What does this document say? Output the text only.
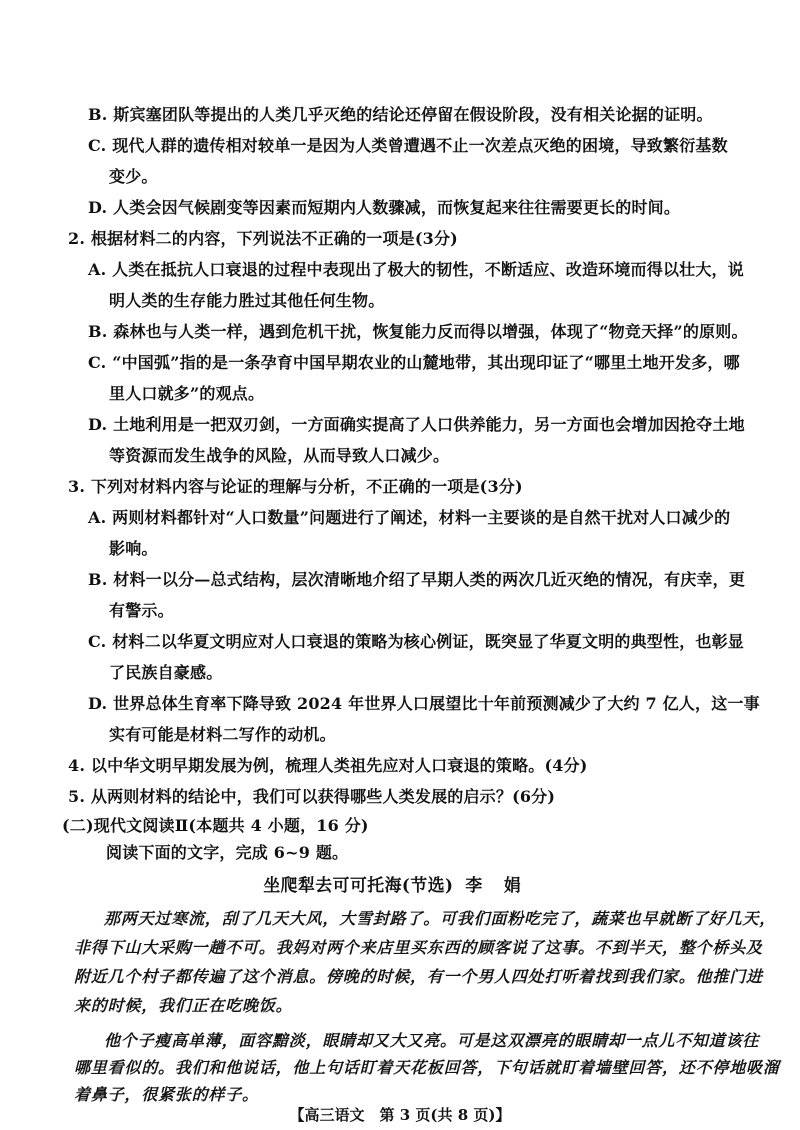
B. 斯宾塞团队等提出的人类几乎灭绝的结论还停留在假设阶段，没有相关论据的证明。
C. 现代人群的遗传相对较单一是因为人类曾遭遇不止一次差点灭绝的困境，导致繁衍基数
变少。
D. 人类会因气候剧变等因素而短期内人数骤减，而恢复起来往往需要更长的时间。
2. 根据材料二的内容，下列说法不正确的一项是(3分)
A. 人类在抵抗人口衰退的过程中表现出了极大的韧性，不断适应、改造环境而得以壮大，说
明人类的生存能力胜过其他任何生物。
B. 森林也与人类一样，遇到危机干扰，恢复能力反而得以增强，体现了“物竞天择”的原则。
C. “中国弧”指的是一条孕育中国早期农业的山麓地带，其出现印证了“哪里土地开发多，哪
里人口就多”的观点。
D. 土地利用是一把双刃剑，一方面确实提高了人口供养能力，另一方面也会增加因抢夺土地
等资源而发生战争的风险，从而导致人口减少。
3. 下列对材料内容与论证的理解与分析，不正确的一项是(3分)
A. 两则材料都针对“人口数量”问题进行了阐述，材料一主要谈的是自然干扰对人口减少的
影响。
B. 材料一以分—总式结构，层次清晰地介绍了早期人类的两次几近灭绝的情况，有庆幸，更
有警示。
C. 材料二以华夏文明应对人口衰退的策略为核心例证，既突显了华夏文明的典型性，也彰显
了民族自豪感。
D. 世界总体生育率下降导致 2024 年世界人口展望比十年前预测减少了大约 7 亿人，这一事
实有可能是材料二写作的动机。
4. 以中华文明早期发展为例，梳理人类祖先应对人口衰退的策略。(4分)
5. 从两则材料的结论中，我们可以获得哪些人类发展的启示？(6分)
(二)现代文阅读Ⅱ(本题共 4 小题，16 分)
阅读下面的文字，完成 6~9 题。
坐爬犁去可可托海(节选) 李 娟
那两天过寒流，刮了几天大风，大雪封路了。可我们面粉吃完了，蔬菜也早就断了好几天，
非得下山大采购一趟不可。我妈对两个来店里买东西的顾客说了这事。不到半天，整个桥头及
附近几个村子都传遍了这个消息。傍晚的时候，有一个男人四处打听着找到我们家。他推门进
来的时候，我们正在吃晚饭。
他个子瘦高单薄，面容黯淡，眼睛却又大又亮。可是这双漂亮的眼睛却一点儿不知道该往
哪里看似的。我们和他说话，他上句话盯着天花板回答，下句话就盯着墙壁回答，还不停地吸溜
着鼻子，很紧张的样子。
【高三语文　第 3 页(共 8 页)】
